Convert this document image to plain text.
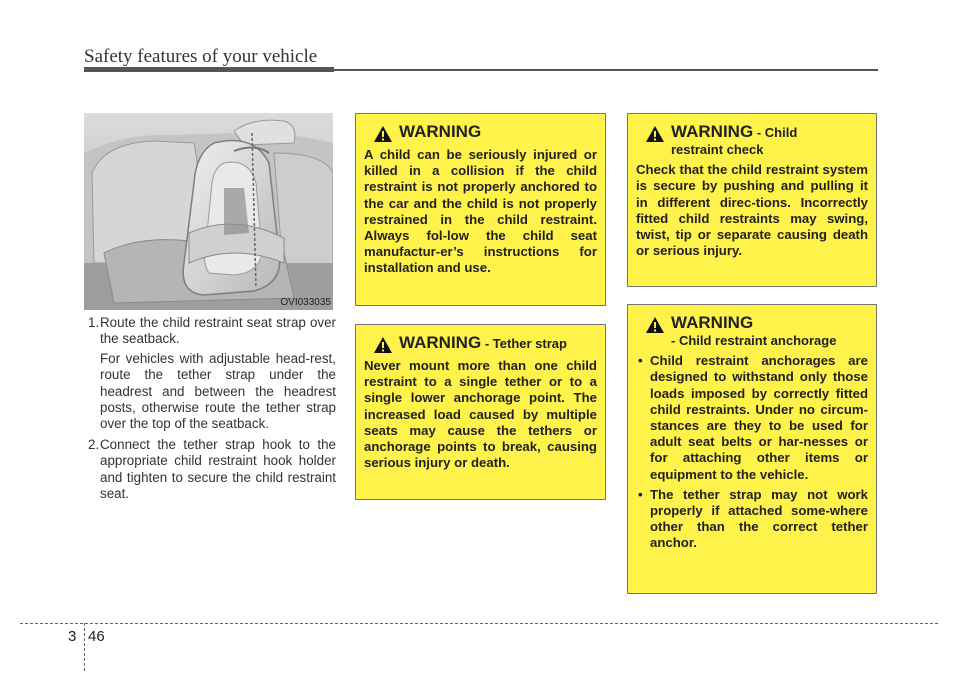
Safety features of your vehicle
OVI033035
1. Route the child restraint seat strap over the seatback.

For vehicles with adjustable head-rest, route the tether strap under the headrest and between the headrest posts, otherwise route the tether strap over the top of the seatback.

2. Connect the tether strap hook to the appropriate child restraint hook holder and tighten to secure the child restraint seat.

WARNING

A child can be seriously injured or killed in a collision if the child restraint is not properly anchored to the car and the child is not properly restrained in the child restraint. Always fol-low the child seat manufactur-er’s instructions for installation and use.

WARNING - Tether strap

Never mount more than one child restraint to a single tether or to a single lower anchorage point. The increased load caused by multiple seats may cause the tethers or anchorage points to break, causing serious injury or death.

WARNING - Child
restraint check

Check that the child restraint system is secure by pushing and pulling it in different direc-tions. Incorrectly fitted child restraints may swing, twist, tip or separate causing death or serious injury.

WARNING
- Child restraint anchorage
• Child restraint anchorages are designed to withstand only those loads imposed by correctly fitted child restraints. Under no circum-stances are they to be used for adult seat belts or har-nesses or for attaching other items or equipment to the vehicle.
• The tether strap may not work properly if attached some-where other than the correct tether anchor.
3 46
